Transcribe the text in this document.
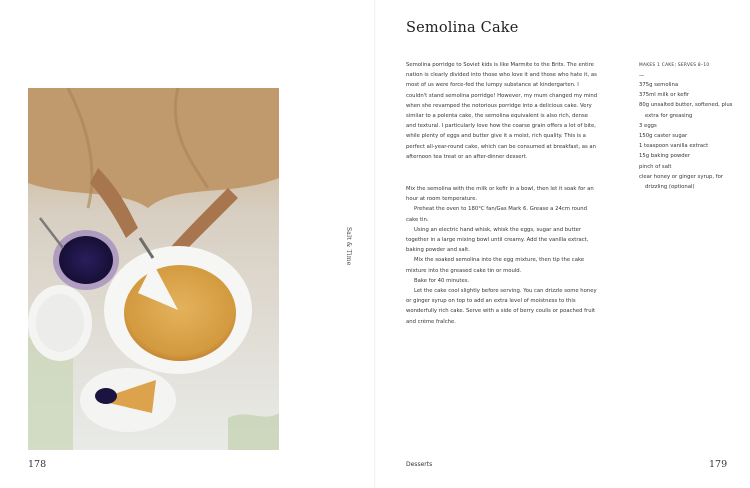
Salt & Time
178
Semolina Cake

Semolina porridge to Soviet kids is like Marmite to the Brits. The entire nation is clearly divided into those who love it and those who hate it, as most of us were force-fed the lumpy substance at kindergarten. I couldn't stand semolina porridge! However, my mum changed my mind when she revamped the notorious porridge into a delicious cake. Very similar to a polenta cake, the semolina equivalent is also rich, dense and textural. I particularly love how the coarse grain offers a lot of bite, while plenty of eggs and butter give it a moist, rich quality. This is a perfect all-year-round cake, which can be consumed at breakfast, as an afternoon tea treat or an after-dinner dessert.

Mix the semolina with the milk or kefir in a bowl, then let it soak for an hour at room temperature.

Preheat the oven to 180°C fan/Gas Mark 6. Grease a 24cm round cake tin.

Using an electric hand whisk, whisk the eggs, sugar and butter together in a large mixing bowl until creamy. Add the vanilla extract, baking powder and salt.

Mix the soaked semolina into the egg mixture, then tip the cake mixture into the greased cake tin or mould.

Bake for 40 minutes.

Let the cake cool slightly before serving. You can drizzle some honey or ginger syrup on top to add an extra level of moistness to this wonderfully rich cake. Serve with a side of berry coulis or poached fruit and crème fraîche.

MAKES 1 CAKE; SERVES 8–10

—

375g semolina
375ml milk or kefir
80g unsalted butter, softened, plus extra for greasing
3 eggs
150g caster sugar
1 teaspoon vanilla extract
15g baking powder
pinch of salt
clear honey or ginger syrup, for drizzling (optional)
Desserts	179
